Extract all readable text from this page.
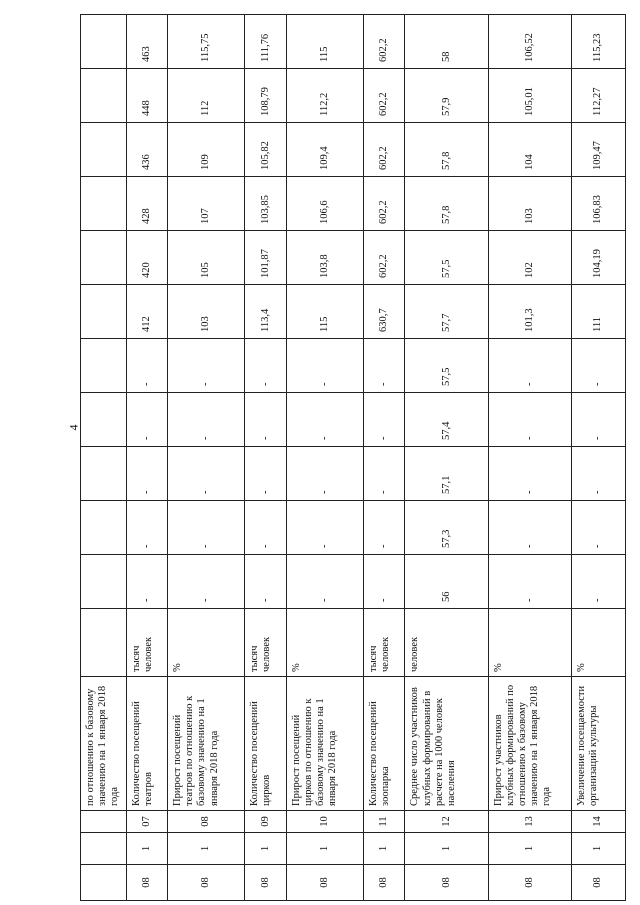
4
			по отношению к базовому значению на 1 января 2018 года													
08	1	07	Количество посещений театров	тысяч человек	-	-	-	-	-	412	420	428	436	448	463	
08	1	08	Прирост посещений театров по отношению к базовому значению на 1 января 2018 года	%	-	-	-	-	-	103	105	107	109	112	115,75	
08	1	09	Количество посещений цирков	тысяч человек	-	-	-	-	-	113,4	101,87	103,85	105,82	108,79	111,76	
08	1	10	Прирост посещений цирков по отношению к базовому значению на 1 января 2018 года	%	-	-	-	-	-	115	103,8	106,6	109,4	112,2	115	
08	1	11	Количество посещений зоопарка	тысяч человек	-	-	-	-	-	630,7	602,2	602,2	602,2	602,2	602,2	
08	1	12	Среднее число участников клубных формирований в расчете на 1000 человек населения	человек	56	57,3	57,1	57,4	57,5	57,7	57,5	57,8	57,8	57,9	58	
08	1	13	Прирост участников клубных формирований по отношению к базовому значению на 1 января 2018 года	%	-	-	-	-	-	101,3	102	103	104	105,01	106,52	
08	1	14	Увеличение посещаемости организаций культуры	%	-	-	-	-	-	111	104,19	106,83	109,47	112,27	115,23	
